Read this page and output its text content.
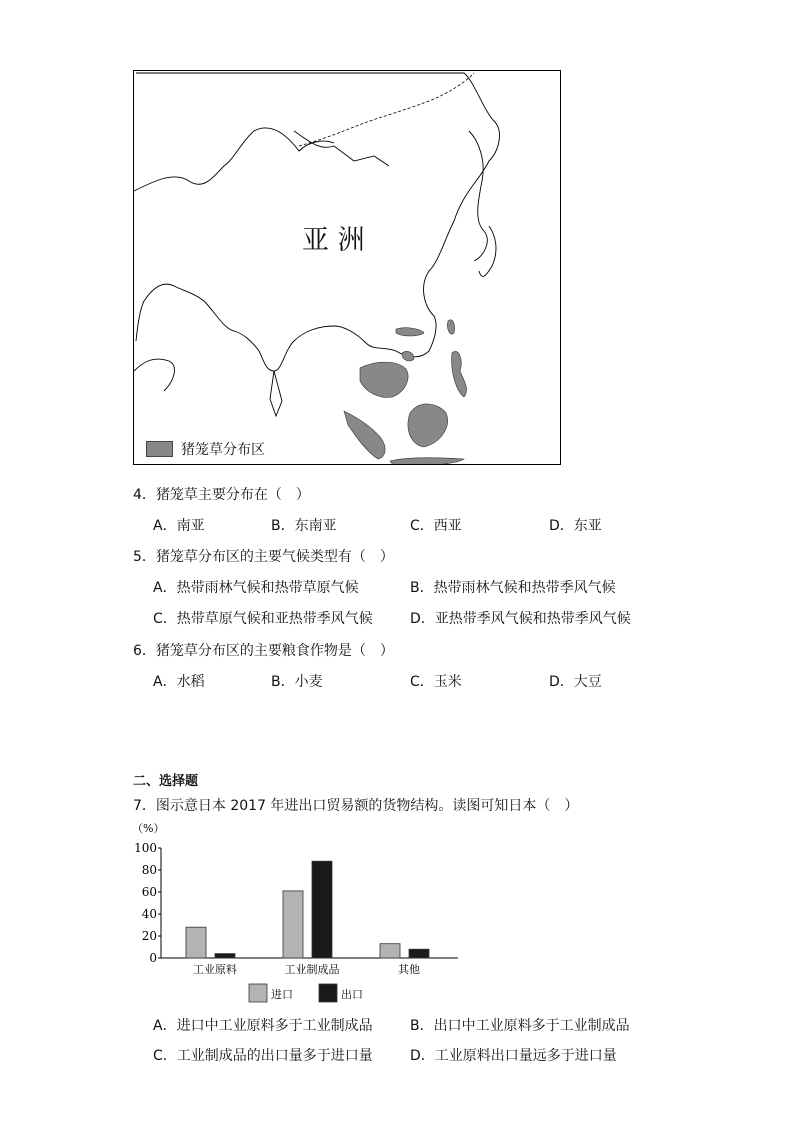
亚 洲
猪笼草分布区
4．猪笼草主要分布在（　）
A．南亚	B．东南亚	C．西亚	D．东亚
5．猪笼草分布区的主要气候类型有（　）
A．热带雨林气候和热带草原气候	B．热带雨林气候和热带季风气候
C．热带草原气候和亚热带季风气候	D．亚热带季风气候和热带季风气候
6．猪笼草分布区的主要粮食作物是（　）
A．水稻	B．小麦	C．玉米	D．大豆
二、选择题
7．图示意日本 2017 年进出口贸易额的货物结构。读图可知日本（　）
（%）
0
20
40
60
80
100
工业原料	工业制成品	其他
进口	出口
A．进口中工业原料多于工业制成品	B．出口中工业原料多于工业制成品
C．工业制成品的出口量多于进口量	D．工业原料出口量远多于进口量
